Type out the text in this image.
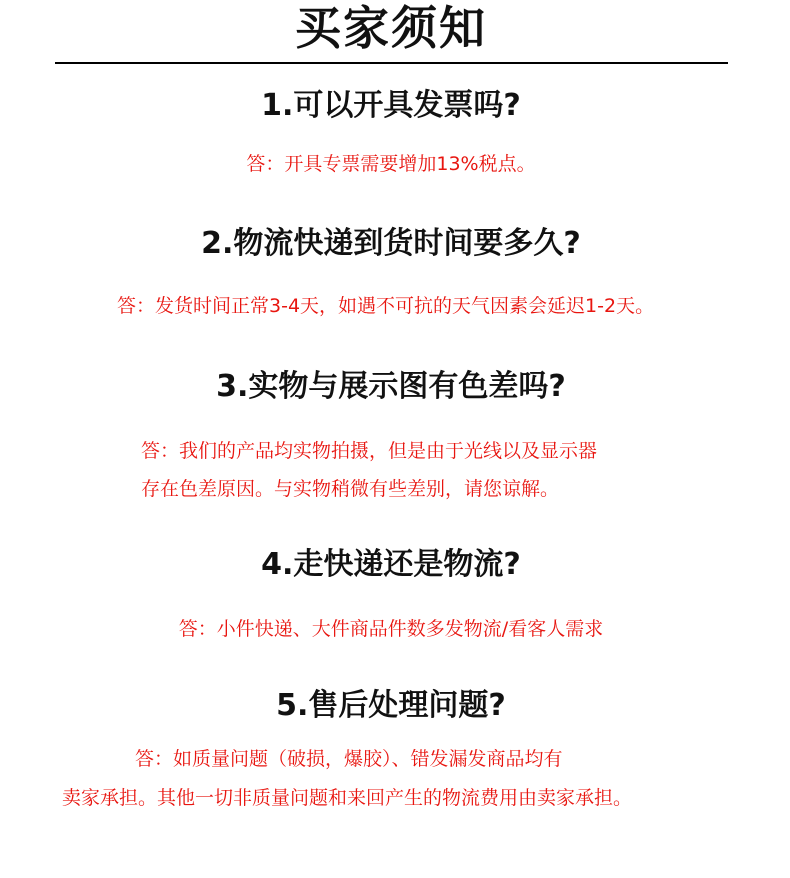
买家须知
1.可以开具发票吗?
答：开具专票需要增加13%税点。
2.物流快递到货时间要多久?
答：发货时间正常3-4天，如遇不可抗的天气因素会延迟1-2天。
3.实物与展示图有色差吗?
答：我们的产品均实物拍摄，但是由于光线以及显示器
存在色差原因。与实物稍微有些差别，请您谅解。
4.走快递还是物流?
答：小件快递、大件商品件数多发物流/看客人需求
5.售后处理问题?
答：如质量问题（破损，爆胶）、错发漏发商品均有
卖家承担。其他一切非质量问题和来回产生的物流费用由卖家承担。
